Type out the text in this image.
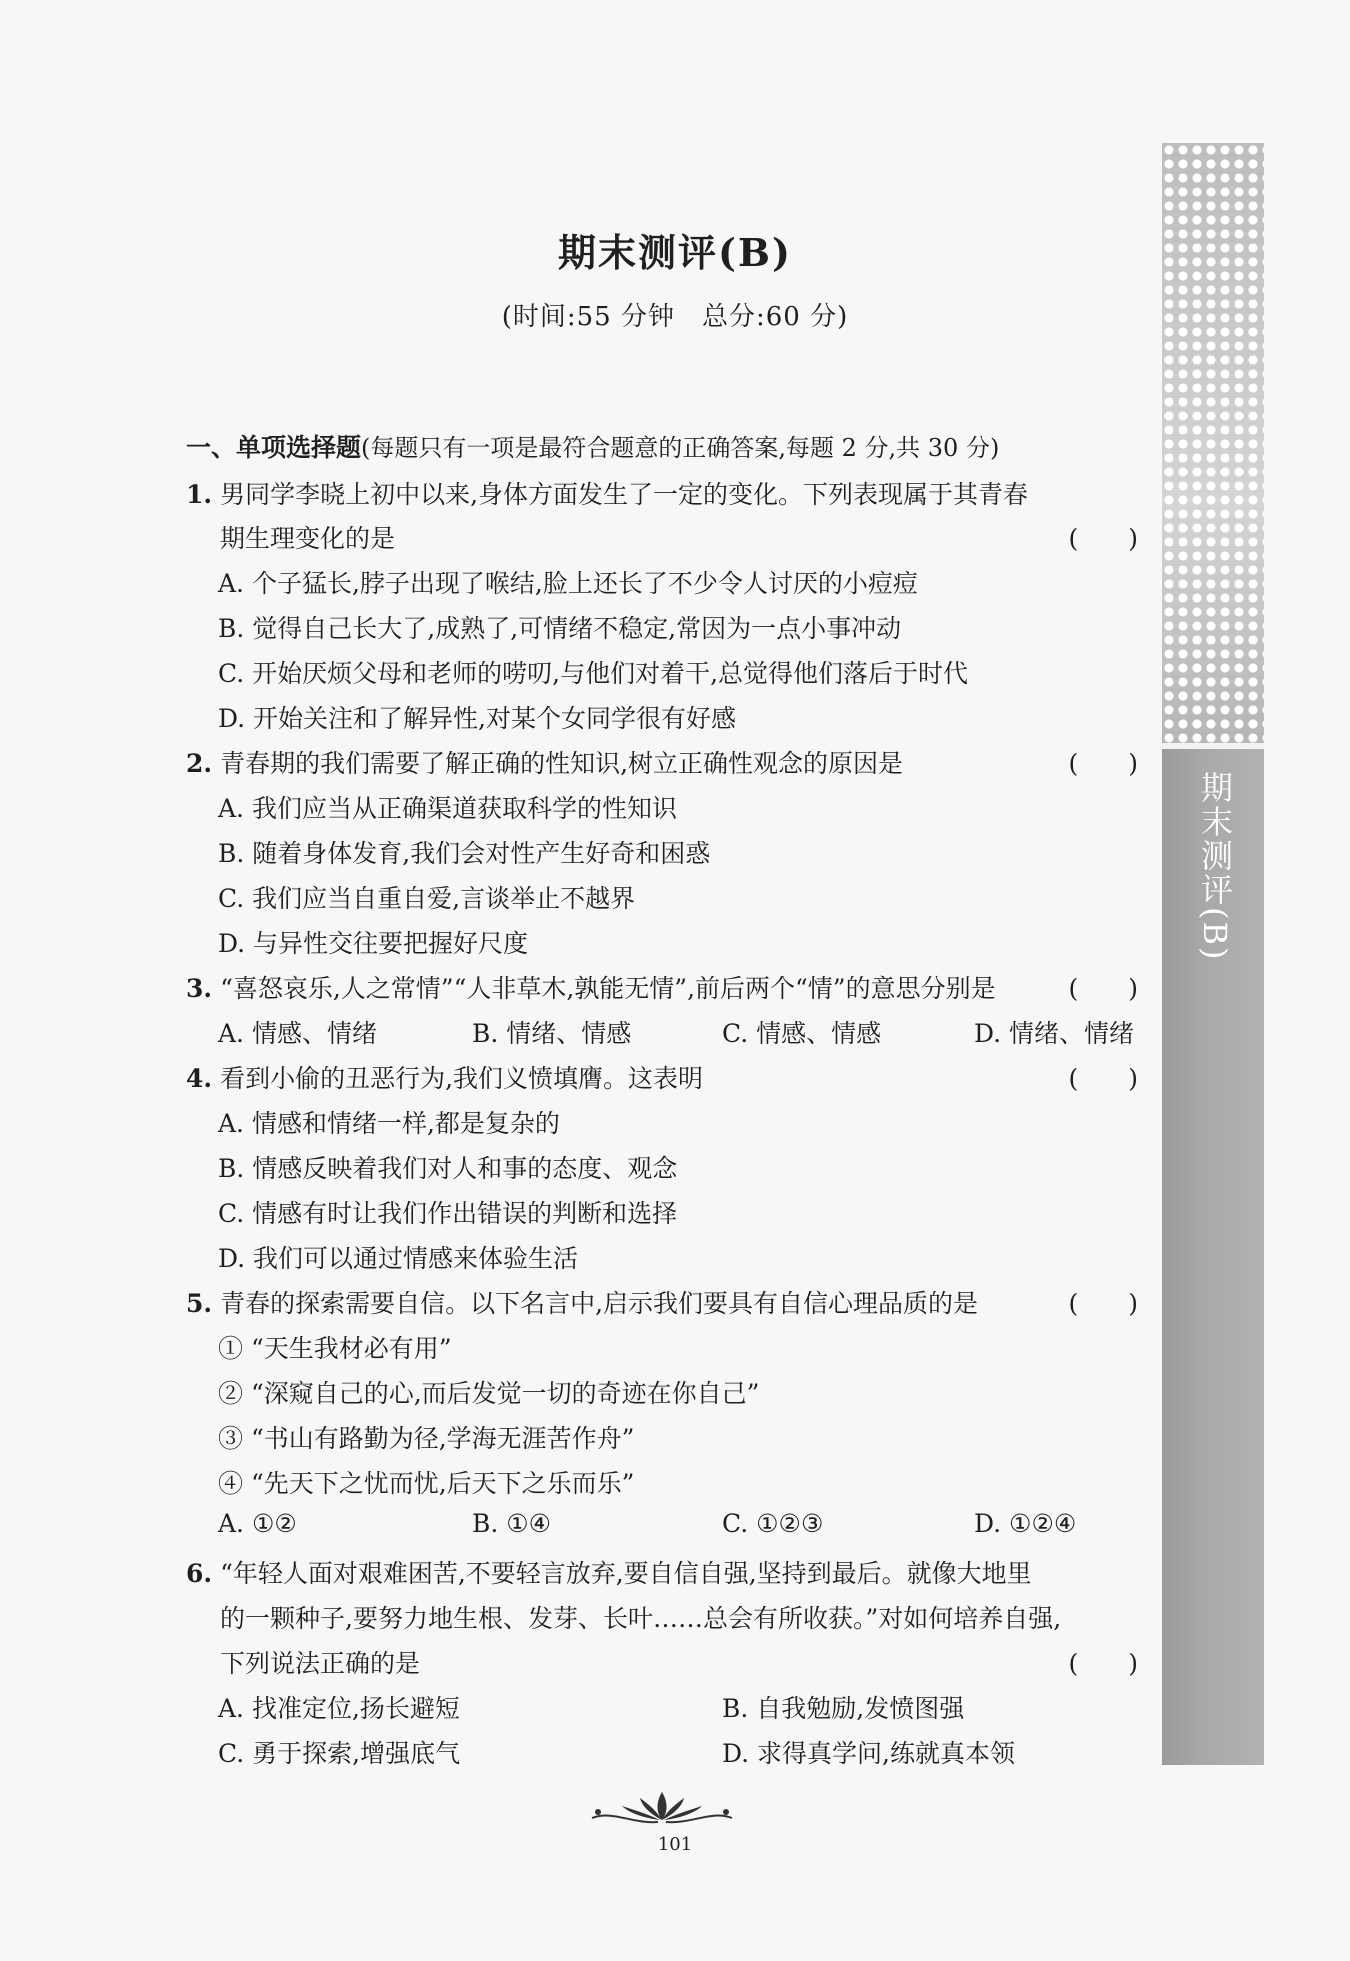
期末测评(B)
期末测评(B)
(时间:55 分钟　总分:60 分)
一、单项选择题(每题只有一项是最符合题意的正确答案,每题 2 分,共 30 分)
1. 男同学李晓上初中以来,身体方面发生了一定的变化。下列表现属于其青春
期生理变化的是	(　　)
A. 个子猛长,脖子出现了喉结,脸上还长了不少令人讨厌的小痘痘
B. 觉得自己长大了,成熟了,可情绪不稳定,常因为一点小事冲动
C. 开始厌烦父母和老师的唠叨,与他们对着干,总觉得他们落后于时代
D. 开始关注和了解异性,对某个女同学很有好感
2. 青春期的我们需要了解正确的性知识,树立正确性观念的原因是	(　　)
A. 我们应当从正确渠道获取科学的性知识
B. 随着身体发育,我们会对性产生好奇和困惑
C. 我们应当自重自爱,言谈举止不越界
D. 与异性交往要把握好尺度
3. “喜怒哀乐,人之常情”“人非草木,孰能无情”,前后两个“情”的意思分别是	(　　)
A. 情感、情绪	B. 情绪、情感	C. 情感、情感	D. 情绪、情绪
4. 看到小偷的丑恶行为,我们义愤填膺。这表明	(　　)
A. 情感和情绪一样,都是复杂的
B. 情感反映着我们对人和事的态度、观念
C. 情感有时让我们作出错误的判断和选择
D. 我们可以通过情感来体验生活
5. 青春的探索需要自信。以下名言中,启示我们要具有自信心理品质的是	(　　)
① “天生我材必有用”
② “深窥自己的心,而后发觉一切的奇迹在你自己”
③ “书山有路勤为径,学海无涯苦作舟”
④ “先天下之忧而忧,后天下之乐而乐”
A. ①②	B. ①④	C. ①②③	D. ①②④
6. “年轻人面对艰难困苦,不要轻言放弃,要自信自强,坚持到最后。就像大地里
的一颗种子,要努力地生根、发芽、长叶……总会有所收获。”对如何培养自强,
下列说法正确的是	(　　)
A. 找准定位,扬长避短	B. 自我勉励,发愤图强
C. 勇于探索,增强底气	D. 求得真学问,练就真本领
101
